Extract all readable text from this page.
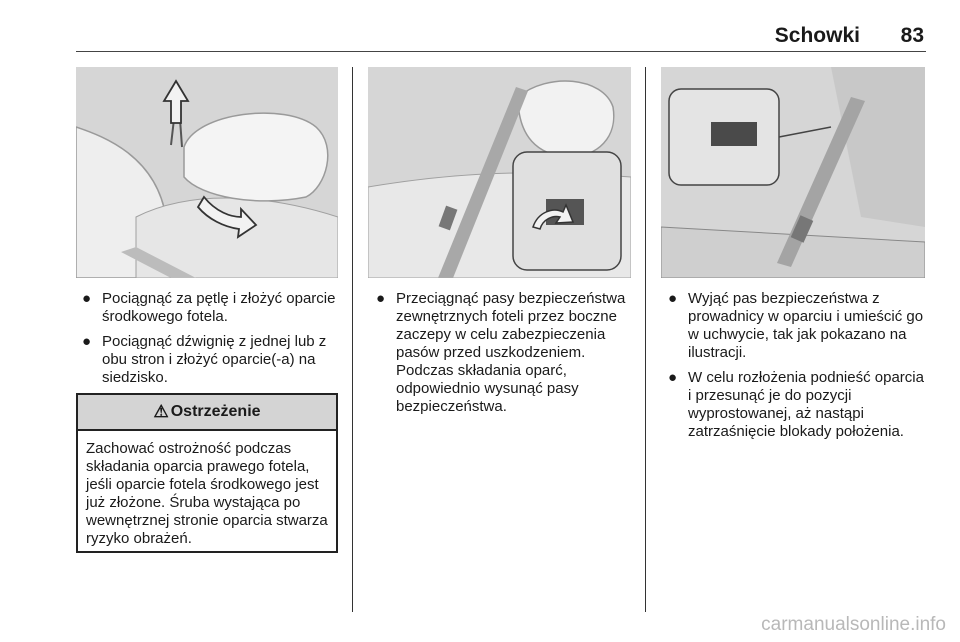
Schowki	83
● Pociągnąć za pętlę i złożyć oparcie środkowego fotela.
● Pociągnąć dźwignię z jednej lub z obu stron i złożyć oparcie(-a) na siedzisko.
⚠ Ostrzeżenie
Zachować ostrożność podczas składania oparcia prawego fotela, jeśli oparcie fotela środkowego jest już złożone. Śruba wystająca po wewnętrznej stronie oparcia stwarza ryzyko obrażeń.
● Przeciągnąć pasy bezpieczeństwa zewnętrznych foteli przez boczne zaczepy w celu zabezpieczenia pasów przed uszkodzeniem. Podczas składania oparć, odpowiednio wysunąć pasy bezpieczeństwa.
● Wyjąć pas bezpieczeństwa z prowadnicy w oparciu i umieścić go w uchwycie, tak jak pokazano na ilustracji.
● W celu rozłożenia podnieść oparcia i przesunąć je do pozycji wyprostowanej, aż nastąpi zatrzaśnięcie blokady położenia.
carmanualsonline.info
